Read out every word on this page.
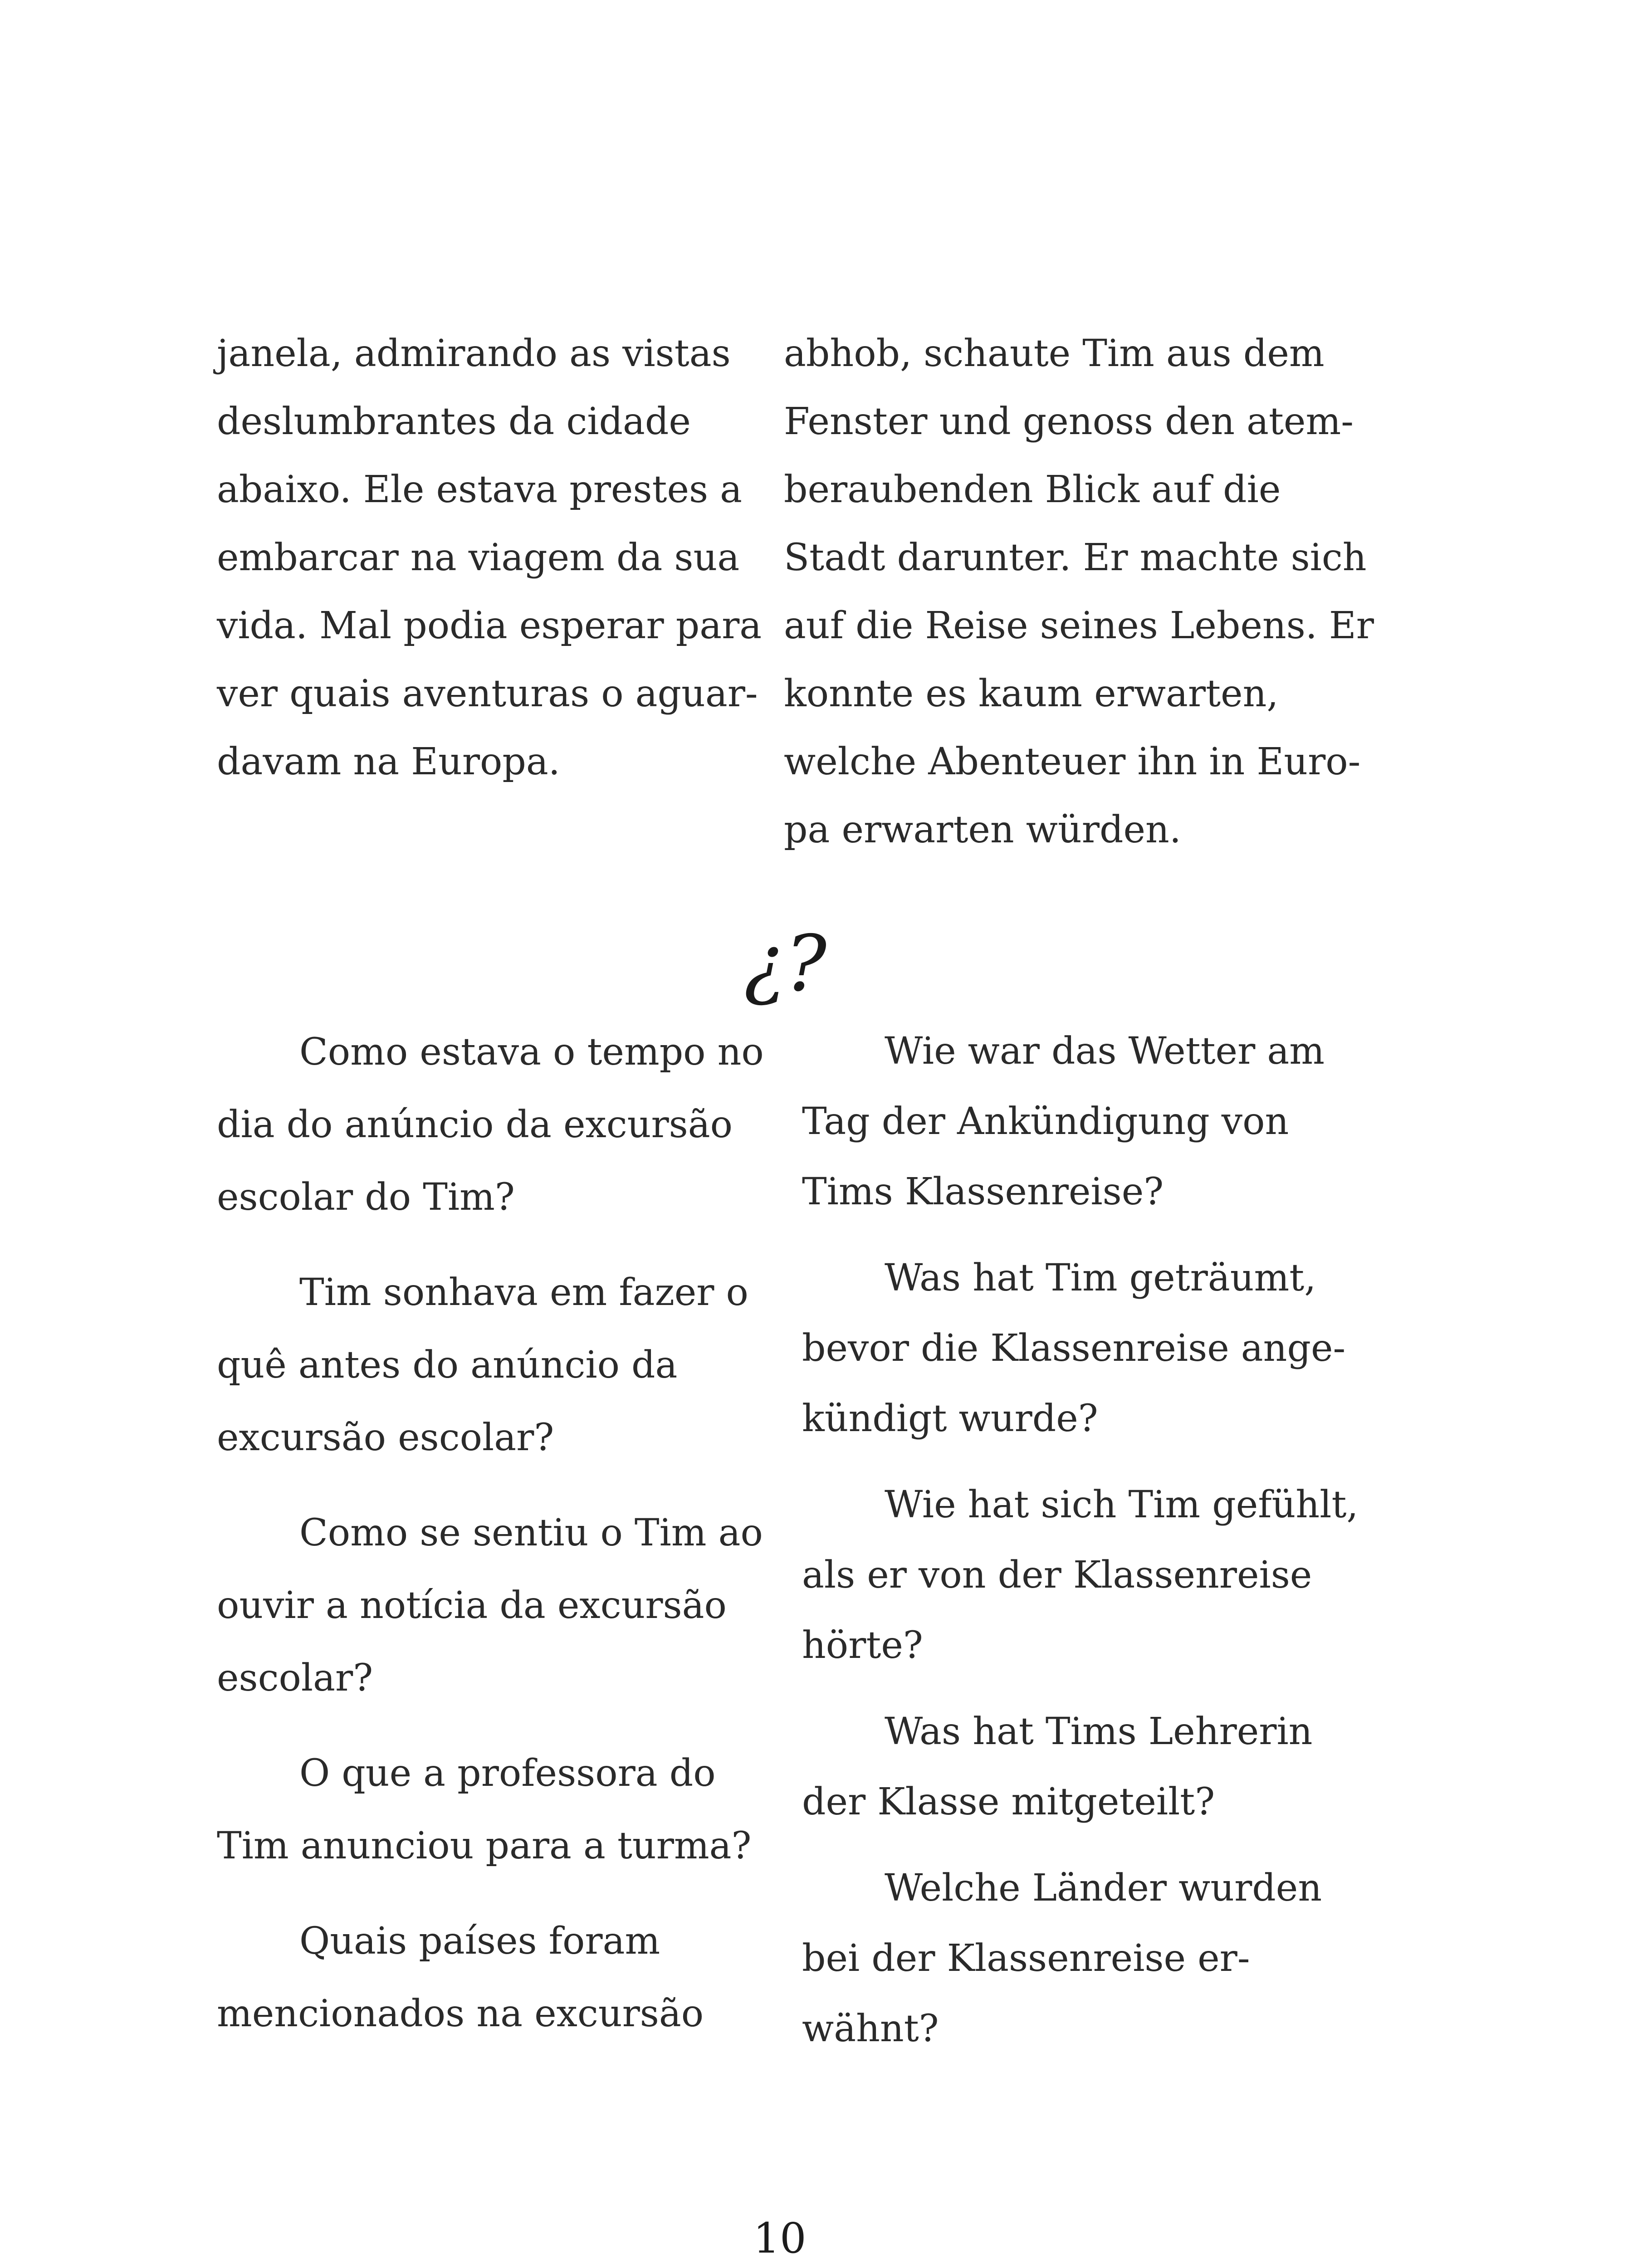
janela, admirando as vistas
deslumbrantes da cidade
abaixo. Ele estava prestes a
embarcar na viagem da sua
vida. Mal podia esperar para
ver quais aventuras o aguar-
davam na Europa.
abhob, schaute Tim aus dem
Fenster und genoss den atem-
beraubenden Blick auf die
Stadt darunter. Er machte sich
auf die Reise seines Lebens. Er
konnte es kaum erwarten,
welche Abenteuer ihn in Euro-
pa erwarten würden.
¿?
Como estava o tempo no
dia do anúncio da excursão
escolar do Tim?
Tim sonhava em fazer o
quê antes do anúncio da
excursão escolar?
Como se sentiu o Tim ao
ouvir a notícia da excursão
escolar?
O que a professora do
Tim anunciou para a turma?
Quais países foram
mencionados na excursão
Wie war das Wetter am
Tag der Ankündigung von
Tims Klassenreise?
Was hat Tim geträumt,
bevor die Klassenreise ange-
kündigt wurde?
Wie hat sich Tim gefühlt,
als er von der Klassenreise
hörte?
Was hat Tims Lehrerin
der Klasse mitgeteilt?
Welche Länder wurden
bei der Klassenreise er-
wähnt?
10
